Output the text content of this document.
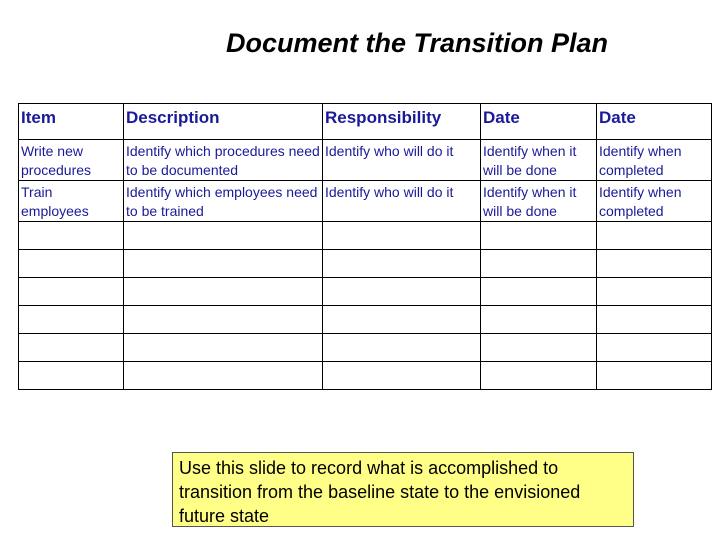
Document the Transition Plan
Item	Description	Responsibility	Date	Date
Write new procedures	Identify which procedures need to be documented	Identify who will do it	Identify when it will be done	Identify when completed
Train employees	Identify which employees need to be trained	Identify who will do it	Identify when it will be done	Identify when completed

Use this slide to record what is accomplished to transition from the baseline state to the envisioned future state
